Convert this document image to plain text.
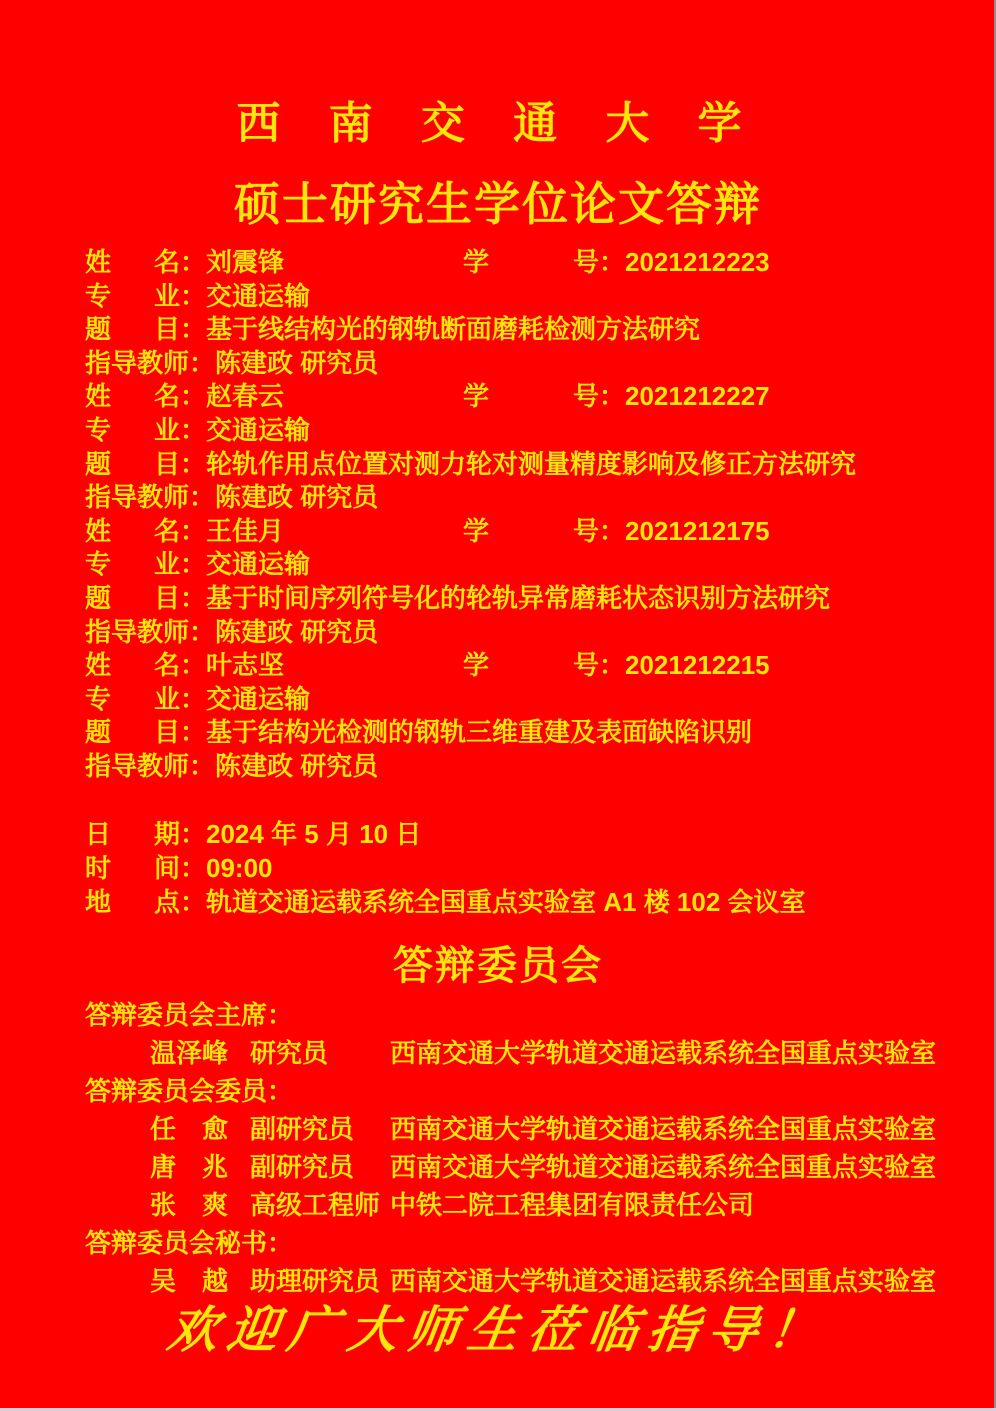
西 南 交 通 大 学
硕士研究生学位论文答辩
姓名：刘震锋	学号：2021212223
专业：交通运输
题目：基于线结构光的钢轨断面磨耗检测方法研究
指导教师：陈建政 研究员
姓名：赵春云	学号：2021212227
专业：交通运输
题目：轮轨作用点位置对测力轮对测量精度影响及修正方法研究
指导教师：陈建政 研究员
姓名：王佳月	学号：2021212175
专业：交通运输
题目：基于时间序列符号化的轮轨异常磨耗状态识别方法研究
指导教师：陈建政 研究员
姓名：叶志坚	学号：2021212215
专业：交通运输
题目：基于结构光检测的钢轨三维重建及表面缺陷识别
指导教师：陈建政 研究员
日期：2024 年 5 月 10 日
时间：09:00
地点：轨道交通运载系统全国重点实验室 A1 楼 102 会议室
答辩委员会
答辩委员会主席：
温泽峰 研究员 西南交通大学轨道交通运载系统全国重点实验室
答辩委员会委员：
任愈 副研究员 西南交通大学轨道交通运载系统全国重点实验室
唐兆 副研究员 西南交通大学轨道交通运载系统全国重点实验室
张爽 高级工程师 中铁二院工程集团有限责任公司
答辩委员会秘书：
吴越 助理研究员 西南交通大学轨道交通运载系统全国重点实验室
欢迎广大师生莅临指导！
